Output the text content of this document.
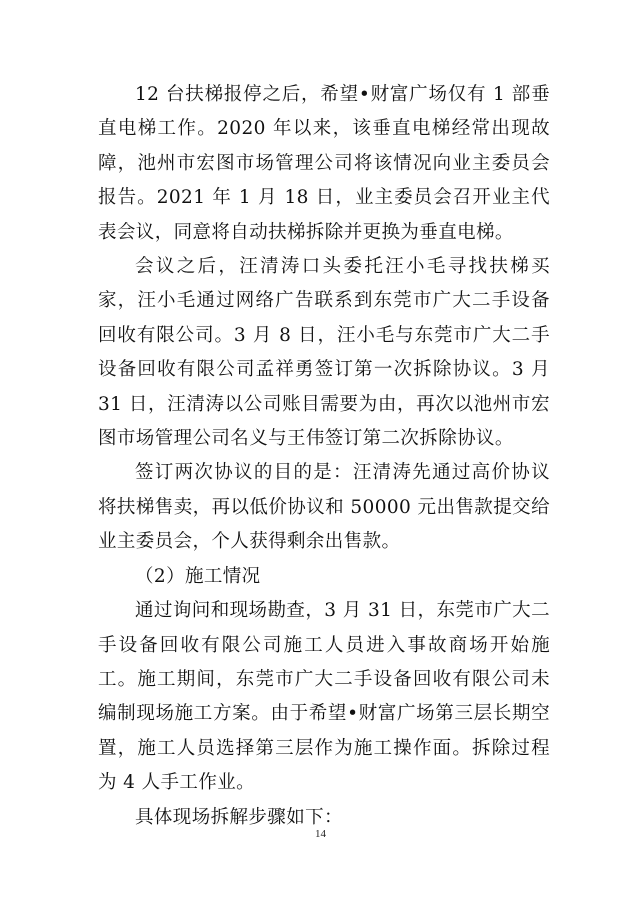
12 台扶梯报停之后，希望•财富广场仅有 1 部垂直电梯工作。2020 年以来，该垂直电梯经常出现故障，池州市宏图市场管理公司将该情况向业主委员会报告。2021 年 1 月 18 日，业主委员会召开业主代表会议，同意将自动扶梯拆除并更换为垂直电梯。

会议之后，汪清涛口头委托汪小毛寻找扶梯买家，汪小毛通过网络广告联系到东莞市广大二手设备回收有限公司。3 月 8 日，汪小毛与东莞市广大二手设备回收有限公司孟祥勇签订第一次拆除协议。3 月 31 日，汪清涛以公司账目需要为由，再次以池州市宏图市场管理公司名义与王伟签订第二次拆除协议。

签订两次协议的目的是：汪清涛先通过高价协议将扶梯售卖，再以低价协议和 50000 元出售款提交给业主委员会，个人获得剩余出售款。

（2）施工情况

通过询问和现场勘查，3 月 31 日，东莞市广大二手设备回收有限公司施工人员进入事故商场开始施工。施工期间，东莞市广大二手设备回收有限公司未编制现场施工方案。由于希望•财富广场第三层长期空置，施工人员选择第三层作为施工操作面。拆除过程为 4 人手工作业。

具体现场拆解步骤如下：

14
